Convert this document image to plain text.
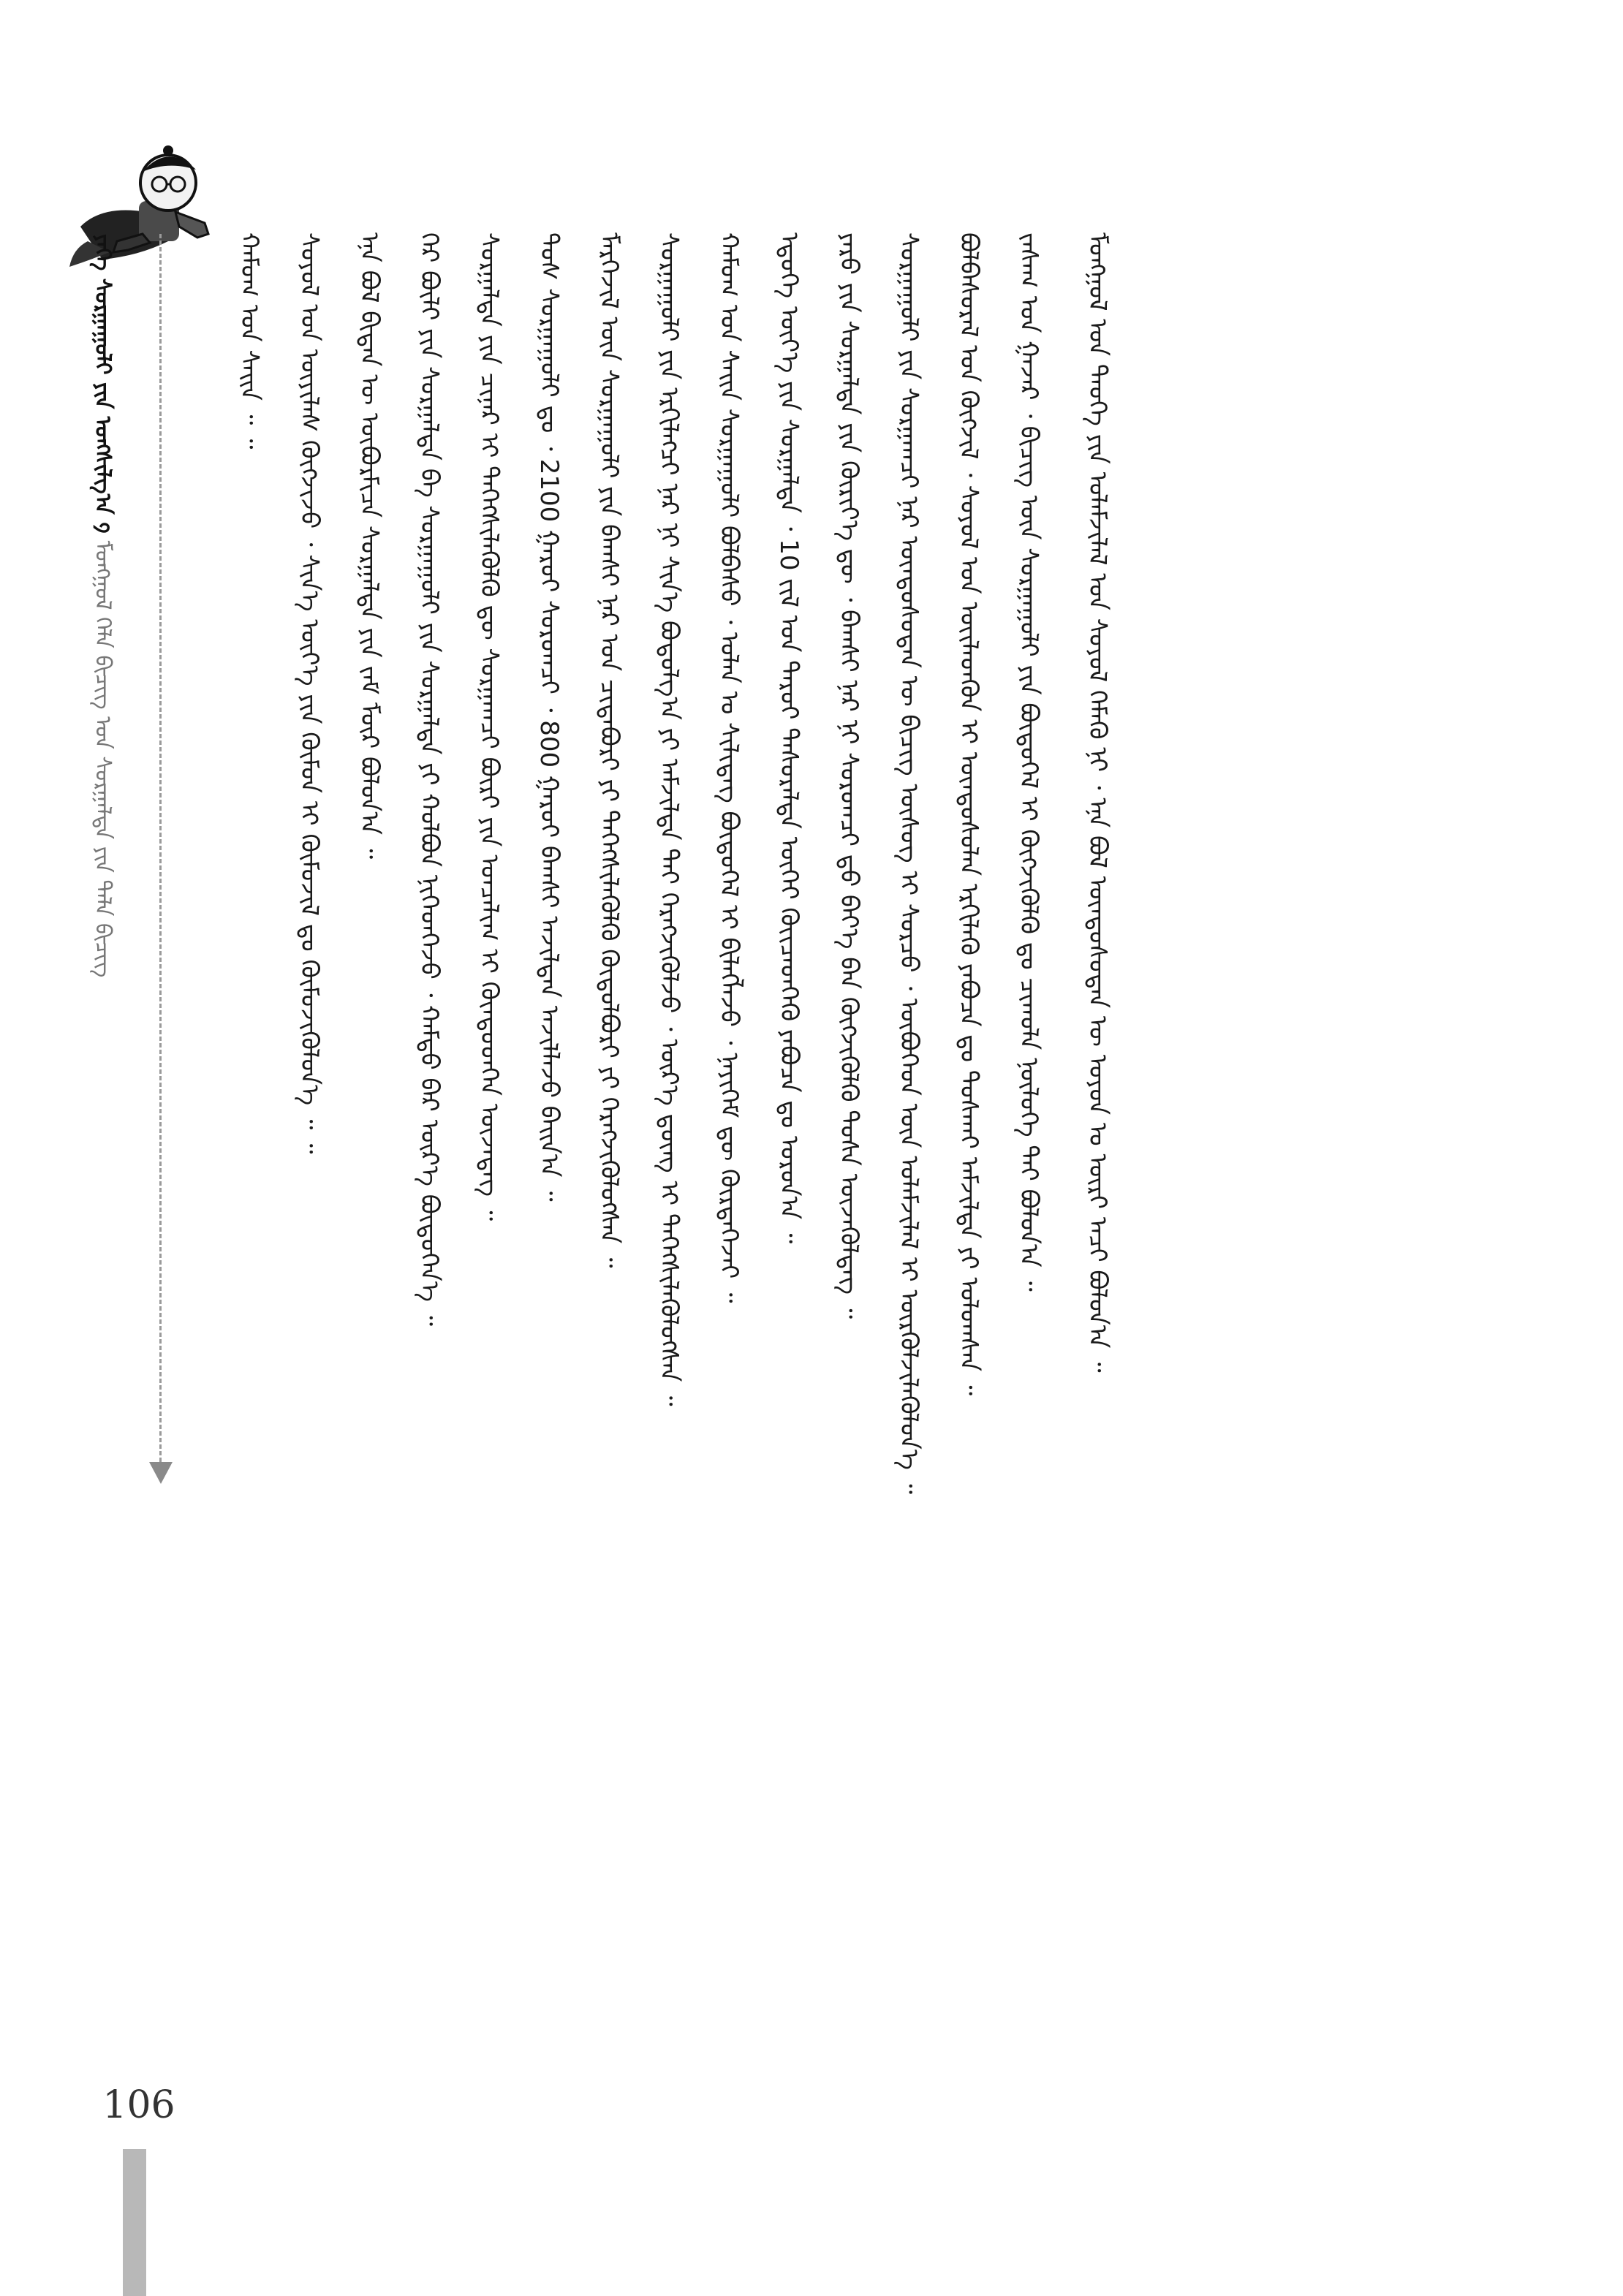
ᠶᠡᠬᠡ ᠰᠤᠷᠭᠠᠭᠤᠯᠢ ᠶᠢᠨ ᠤᠩᠰᠢᠯᠭ᠎ᠠ ᠀ ᠮᠣᠩᠭᠣᠯ ᠬᠡᠯᠡ ᠪᠢᠴᠢᠭ ᠤᠨ ᠰᠤᠷᠭᠠᠯᠲᠠ ᠶᠢᠨ ᠲᠡᠯᠡ ᠪᠢᠴᠢᠭ
ᠬᠠᠮᠤᠭ ᠤᠨ ᠰᠠᠢᠨ ᠃ ᠃	ᠰᠣᠶᠤᠯ ᠤᠨ ᠦᠶᠢᠯᠡᠰ ᠬᠥᠭᠵᠢᠵᠦ ᠂ ᠰᠢᠨ᠎ᠡ ᠦᠶ᠎ᠡ ᠶᠢᠨ ᠬᠦᠮᠦᠨ ᠢ ᠬᠥᠮᠦᠵᠢᠯ ᠳᠤ ᠬᠦᠮᠦᠵᠢᠭᠦᠯᠦᠨ᠎ᠡ ᠃ ᠃	ᠡᠨᠡ ᠪᠣᠯ ᠪᠢᠳᠡᠨ ᠦ ᠥᠪᠦᠷᠮᠢᠴᠡ ᠰᠤᠷᠭᠠᠯᠲᠠ ᠶᠢᠨ ᠵᠠᠮ ᠮᠥᠷ ᠪᠣᠯᠤᠨ᠎ᠠ ᠃	ᠭᠡᠷ ᠪᠦᠯᠢ ᠶᠢᠨ ᠰᠤᠷᠭᠠᠯᠲᠠ ᠪᠠ ᠰᠤᠷᠭᠠᠭᠤᠯᠢ ᠶᠢᠨ ᠰᠤᠷᠭᠠᠯᠲᠠ ᠶᠢ ᠬᠣᠯᠪᠣᠨ ᠨᠢᠭᠡᠳᠬᠡᠵᠦ ᠂ ᠬᠠᠮᠲᠤ ᠪᠡᠷ ᠦᠷ᠎ᠡ ᠪᠦᠲᠦᠭᠡᠨ᠎ᠡ ᠃	ᠰᠤᠷᠭᠠᠯᠲᠠ ᠶᠢᠨ ᠴᠢᠨᠠᠷ ᠢ ᠳᠡᠭᠡᠭᠰᠢᠯᠡᠭᠦᠯᠬᠦ ᠳᠦ ᠰᠤᠷᠭᠠᠭᠴᠢ ᠪᠦᠷᠢ ᠶᠢᠨ ᠣᠨᠴᠠᠯᠢᠭ ᠢ ᠬᠦᠨᠳᠦᠳᠬᠡᠨ ᠦᠵᠡᠳᠡᠭ ᠃	ᠲᠤᠰ ᠰᠤᠷᠭᠠᠭᠤᠯᠢ ᠳᠤ ᠂ 2100 ᠭᠠᠷᠤᠢ ᠰᠤᠷᠤᠭᠴᠢ ᠂ 800 ᠭᠠᠷᠤᠢ ᠪᠠᠭᠰᠢ ᠠᠵᠢᠯᠲᠠᠨ ᠠᠵᠢᠯᠯᠠᠵᠤ ᠪᠠᠢᠨ᠎ᠠ ᠃	ᠮᠡᠷᠭᠡᠵᠢᠯ ᠦᠨ ᠰᠤᠷᠭᠠᠭᠤᠯᠢ ᠶᠢᠨ ᠪᠠᠭᠰᠢ ᠨᠠᠷ ᠤᠨ ᠴᠢᠳᠠᠪᠤᠷᠢ ᠶᠢ ᠳᠡᠭᠡᠭᠰᠢᠯᠡᠭᠦᠯᠬᠦ ᠬᠥᠲᠦᠯᠪᠦᠷᠢ ᠶᠢ ᠬᠡᠷᠡᠭᠵᠢᠭᠦᠯᠦᠭᠰᠡᠨ ᠃	ᠰᠤᠷᠭᠠᠭᠤᠯᠢ ᠶᠢᠨ ᠡᠷᠬᠢᠯᠡᠭᠴᠢ ᠨᠠᠷ ᠨᠢ ᠰᠢᠨ᠎ᠡ ᠪᠣᠳᠤᠯᠭ᠎ᠠ ᠶᠢ ᠠᠮᠵᠢᠯᠲᠠ ᠲᠠᠢ ᠬᠡᠷᠡᠭᠵᠢᠭᠦᠯᠵᠦ ᠂ ᠦᠷ᠎ᠡ ᠳ᠋ᠦᠩ ᠢ ᠳᠡᠭᠡᠭᠰᠢᠯᠡᠭᠦᠯᠦᠭᠰᠡᠨ ᠃	ᠬᠠᠮᠤᠭ ᠤᠨ ᠰᠠᠢᠨ ᠰᠤᠷᠭᠠᠭᠤᠯᠢ ᠪᠣᠯᠪᠠᠰᠤ ᠂ ᠣᠯᠠᠨ ᠤ ᠰᠢᠯᠢᠳᠡᠭ ᠪᠦᠲᠦᠭᠡᠯ ᠢ ᠪᠢᠯᠡᠭᠯᠡᠵᠦ ᠂ ᠨᠡᠶᠢᠭᠡᠮ ᠳᠦ ᠬᠦᠷᠲᠡᠭᠡᠵᠡᠢ ᠃	ᠡᠳᠦᠭᠡ ᠦᠶ᠎ᠡ ᠶᠢᠨ ᠰᠤᠷᠭᠠᠯᠲᠠ ᠂ 10 ᠵᠢᠯ ᠤᠨ ᠳᠠᠷᠤᠢ ᠲᠠᠰᠤᠷᠠᠯᠲᠠ ᠦᠭᠡᠢ ᠭᠦᠢᠴᠡᠳᠬᠡᠬᠦ ᠶᠠᠪᠤᠴᠠ ᠳᠤ ᠣᠷᠣᠨ᠎ᠠ ᠃	ᠶᠡᠷᠦ ᠶᠢᠨ ᠰᠤᠷᠭᠠᠯᠲᠠ ᠶᠢᠨ ᠬᠦᠷᠢᠶ᠎ᠡ ᠳᠦ ᠂ ᠪᠠᠭᠰᠢ ᠨᠠᠷ ᠨᠢ ᠰᠤᠷᠤᠭᠴᠢ ᠳ᠋ᠤ ᠪᠡᠶ᠎ᠡ ᠪᠡᠨ ᠬᠥᠭᠵᠢᠭᠦᠯᠬᠦ ᠲᠤᠰᠠ ᠦᠵᠡᠭᠦᠯᠳᠡᠭ ᠃	ᠰᠤᠷᠭᠠᠭᠤᠯᠢ ᠶᠢᠨ ᠰᠤᠷᠭᠠᠭᠴᠢ ᠨᠠᠷ ᠦᠨᠳᠦᠰᠦᠲᠡᠨ ᠦ ᠪᠢᠴᠢᠭ ᠦᠰᠦᠭ ᠢ ᠰᠤᠷᠴᠤ ᠂ ᠥᠪᠦᠭᠡᠳ ᠦᠨ ᠤᠯᠠᠮᠵᠢᠯᠠᠯ ᠢ ᠦᠷᠭᠦᠯᠵᠢᠯᠡᠭᠦᠯᠦᠨ᠎ᠡ ᠃	ᠪᠣᠯᠪᠠᠰᠤᠷᠠᠯ ᠤᠨ ᠬᠥᠭᠵᠢᠯ ᠂ ᠰᠣᠶᠤᠯ ᠤᠨ ᠦᠢᠯᠡᠳᠬᠦᠨ ᠢ ᠦᠨᠳᠦᠰᠦᠯᠡᠨ ᠡᠷᠬᠢᠯᠡᠬᠦ ᠶᠠᠪᠤᠴᠠ ᠳᠤ ᠲᠤᠰᠬᠠᠢ ᠠᠮᠵᠢᠯᠲᠠ ᠶᠢ ᠣᠯᠤᠭᠰᠠᠨ ᠃	ᠵᠠᠰᠠᠭ ᠤᠨ ᠭᠠᠵᠠᠷ ᠂ ᠪᠢᠴᠢᠭ ᠦᠨ ᠰᠤᠷᠭᠠᠭᠤᠯᠢ ᠶᠢᠨ ᠪᠦᠲᠦᠭᠡᠯ ᠢ ᠬᠥᠭᠵᠢᠭᠦᠯᠬᠦ ᠳᠤ ᠴᠢᠬᠤᠯᠠ ᠨᠥᠯᠦᠭᠡ ᠲᠡᠢ ᠪᠣᠯᠤᠨ᠎ᠠ ᠃	ᠮᠣᠩᠭᠣᠯ ᠤᠨ ᠲᠡᠦᠬᠡ ᠶᠢᠨ ᠤᠯᠠᠮᠵᠢᠯᠠᠯ ᠤᠨ ᠰᠣᠶᠤᠯ ᠬᠡᠮᠡᠬᠦ ᠨᠢ ᠂ ᠡᠨᠡ ᠪᠣᠯ ᠦᠨᠳᠦᠰᠦᠲᠡᠨ ᠦ ᠣᠶᠤᠨ ᠤ ᠦᠷᠢ ᠠᠴᠢ ᠪᠣᠯᠤᠨ᠎ᠠ ᠃
106
